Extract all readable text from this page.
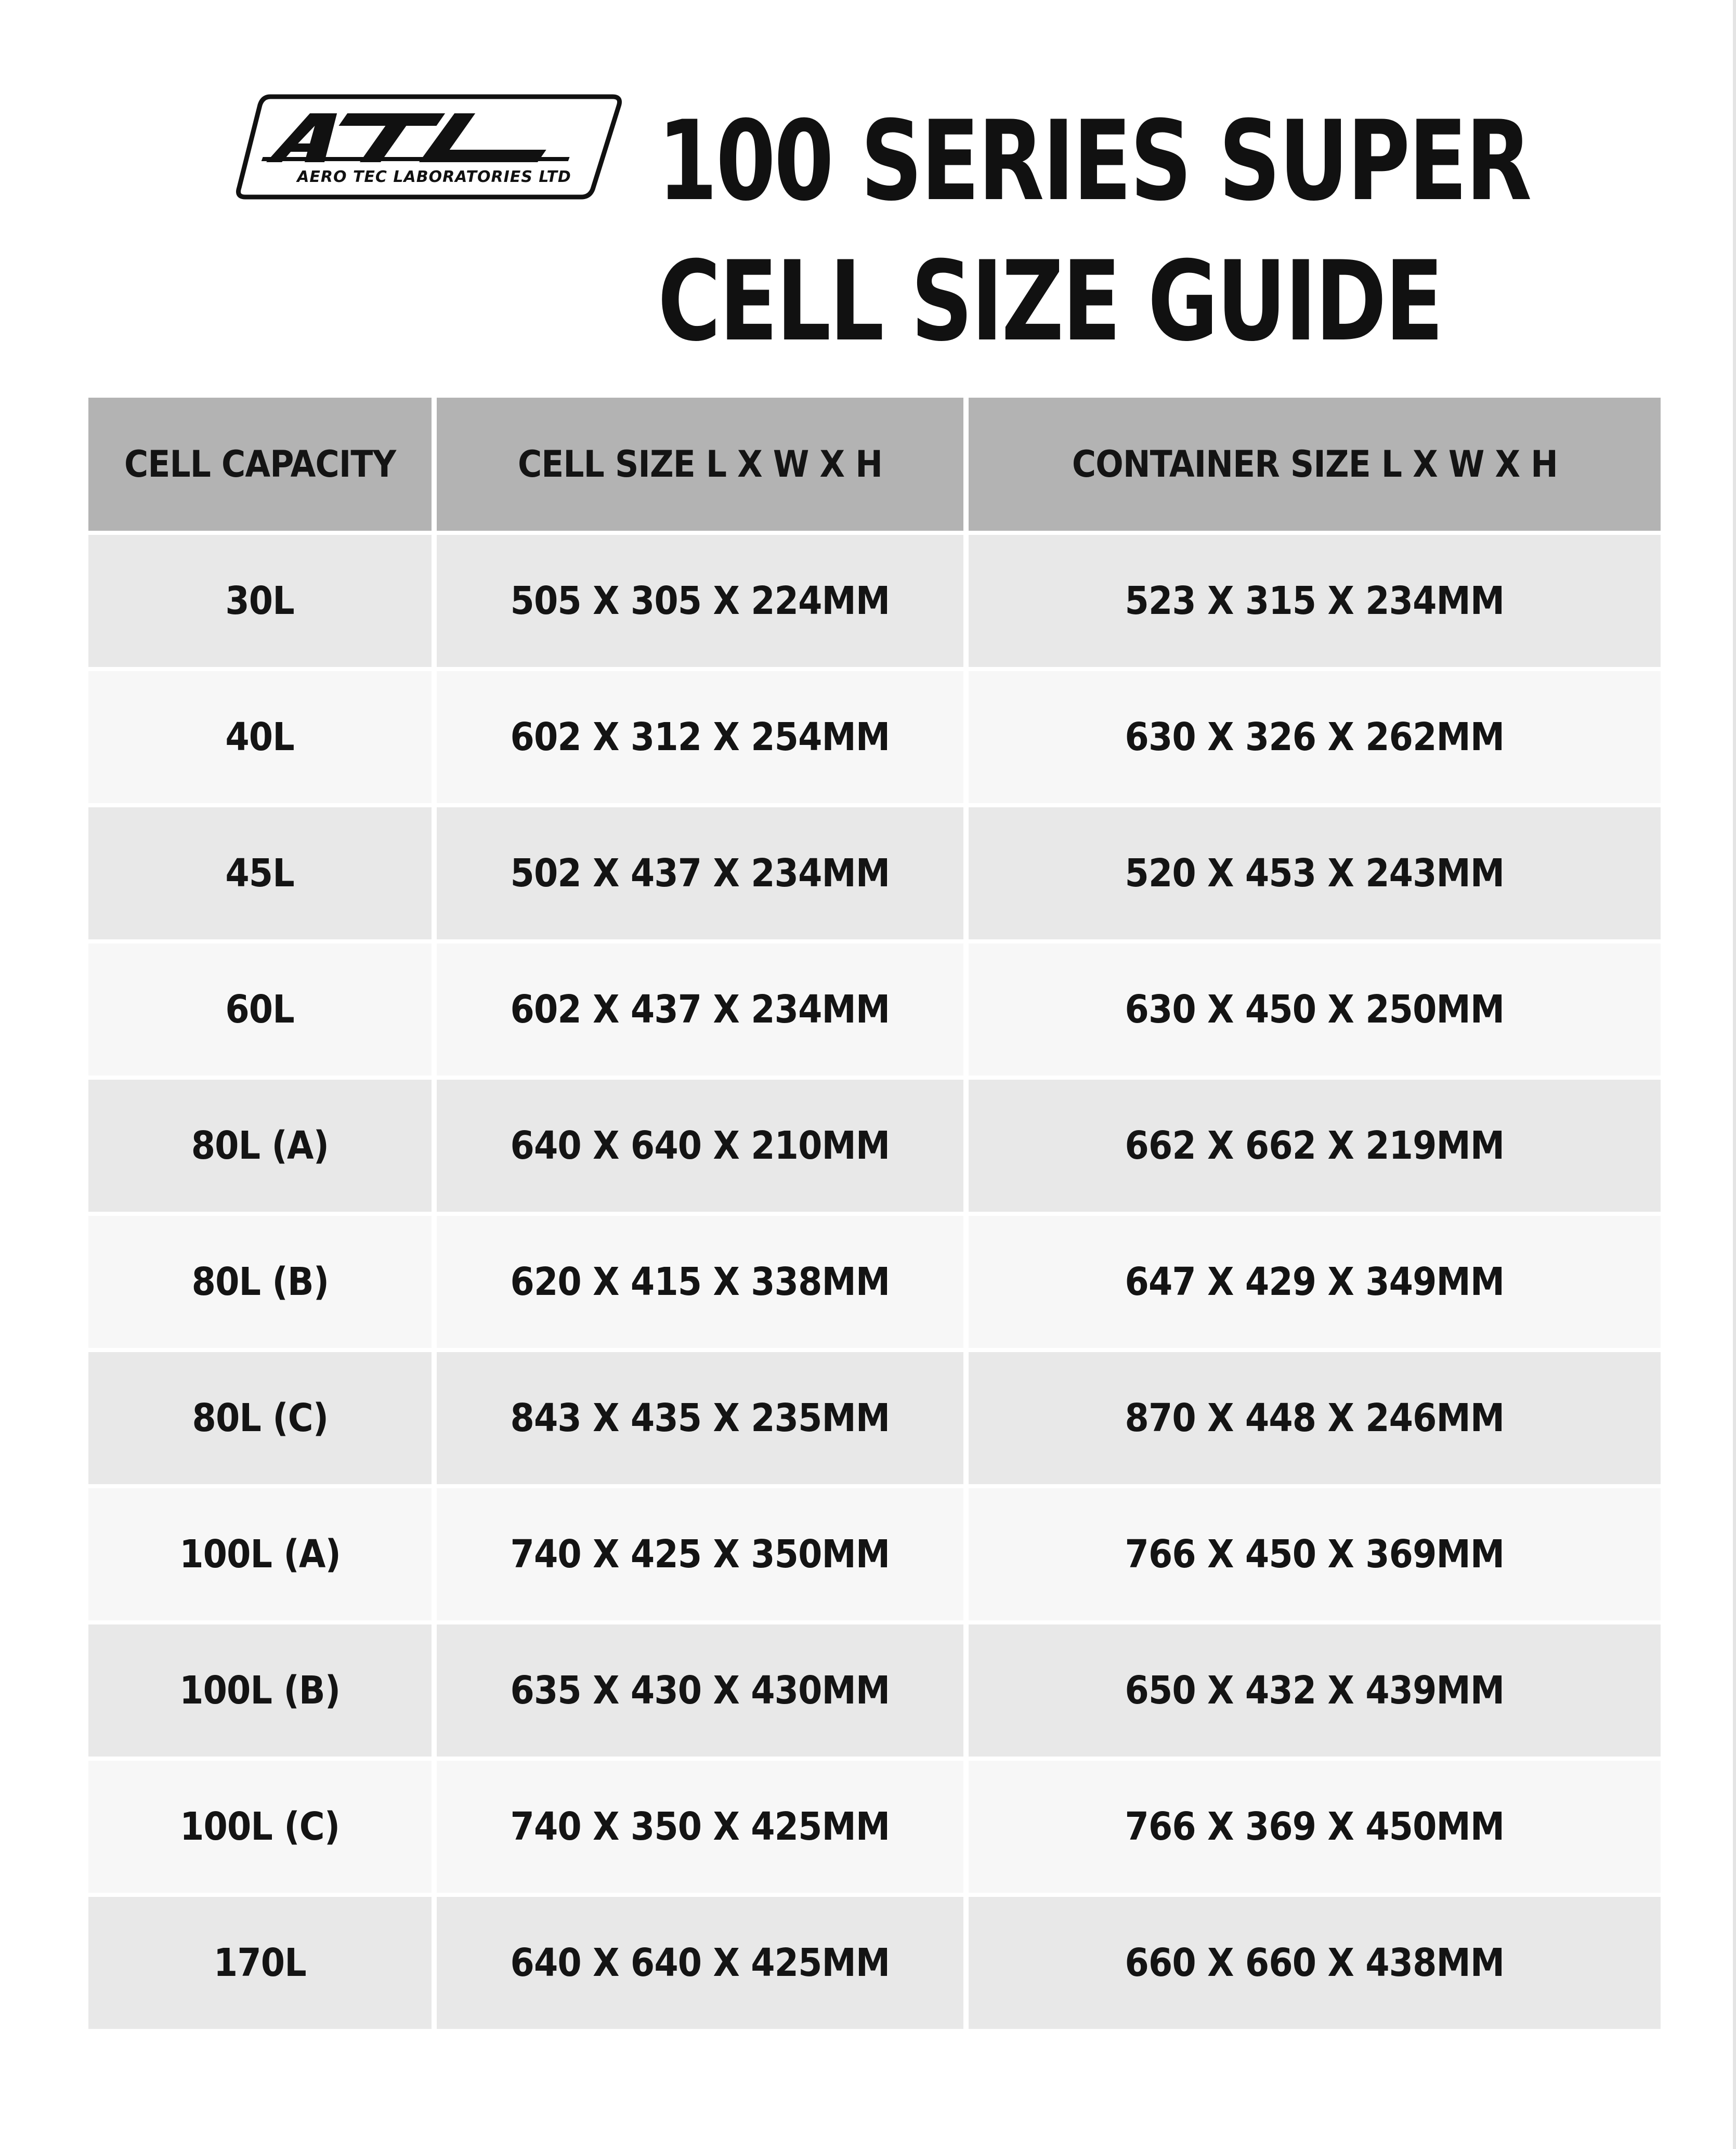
AERO TEC LABORATORIES LTD 100 SERIES SUPER
CELL SIZE GUIDE
CELL CAPACITY	CELL SIZE L X W X H	CONTAINER SIZE L X W X H
30L	505 X 305 X 224MM	523 X 315 X 234MM
40L	602 X 312 X 254MM	630 X 326 X 262MM
45L	502 X 437 X 234MM	520 X 453 X 243MM
60L	602 X 437 X 234MM	630 X 450 X 250MM
80L (A)	640 X 640 X 210MM	662 X 662 X 219MM
80L (B)	620 X 415 X 338MM	647 X 429 X 349MM
80L (C)	843 X 435 X 235MM	870 X 448 X 246MM
100L (A)	740 X 425 X 350MM	766 X 450 X 369MM
100L (B)	635 X 430 X 430MM	650 X 432 X 439MM
100L (C)	740 X 350 X 425MM	766 X 369 X 450MM
170L	640 X 640 X 425MM	660 X 660 X 438MM
